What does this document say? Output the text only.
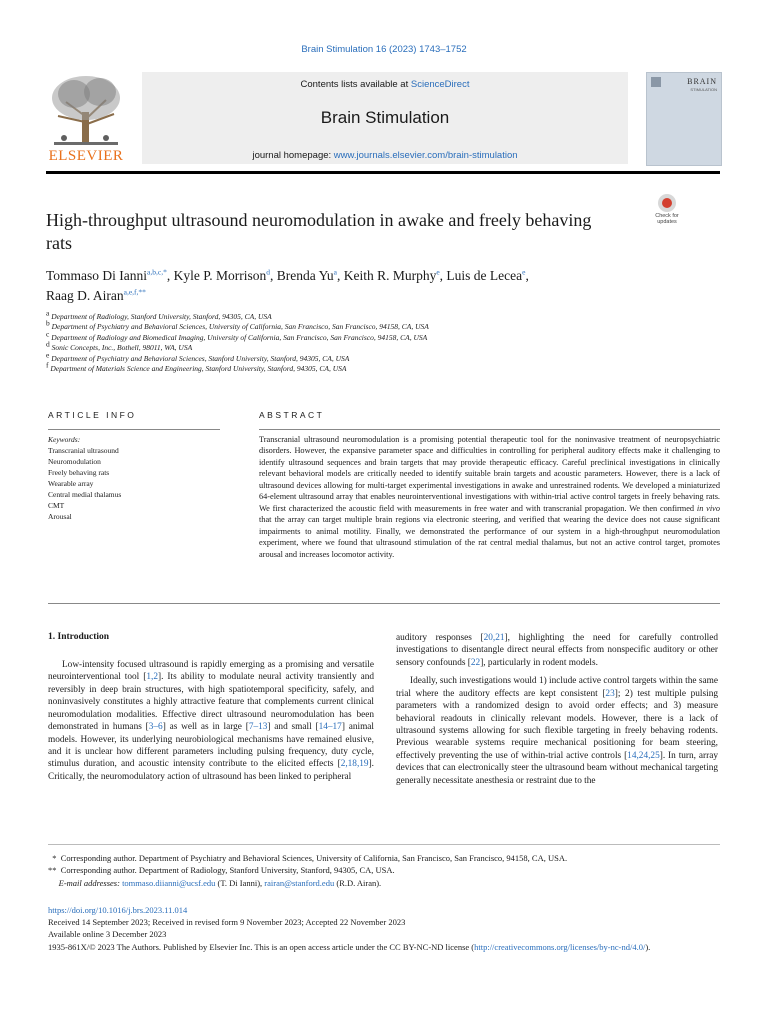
Brain Stimulation 16 (2023) 1743–1752
ELSEVIER
Contents lists available at ScienceDirect
Brain Stimulation
journal homepage: www.journals.elsevier.com/brain-stimulation
BRAIN
STIMULATION
High-throughput ultrasound neuromodulation in awake and freely behaving rats
Check for updates
Tommaso Di Ianni$^{a,b,c,*}$, Kyle P. Morrison$^d$, Brenda Yu$^a$, Keith R. Murphy$^e$, Luis de Lecea$^e$,
Raag D. Airan$^{a,e,f,**}$
$^a$ Department of Radiology, Stanford University, Stanford, 94305, CA, USA
$^b$ Department of Psychiatry and Behavioral Sciences, University of California, San Francisco, San Francisco, 94158, CA, USA
$^c$ Department of Radiology and Biomedical Imaging, University of California, San Francisco, San Francisco, 94158, CA, USA
$^d$ Sonic Concepts, Inc., Bothell, 98011, WA, USA
$^e$ Department of Psychiatry and Behavioral Sciences, Stanford University, Stanford, 94305, CA, USA
$^f$ Department of Materials Science and Engineering, Stanford University, Stanford, 94305, CA, USA
ARTICLE INFO	ABSTRACT
Keywords:
Transcranial ultrasound
Neuromodulation
Freely behaving rats
Wearable array
Central medial thalamus
CMT
Arousal
Transcranial ultrasound neuromodulation is a promising potential therapeutic tool for the noninvasive treatment of neuropsychiatric disorders. However, the expansive parameter space and difficulties in controlling for peripheral auditory effects make it challenging to identify ultrasound sequences and brain targets that may provide therapeutic efficacy. Careful preclinical investigations in clinically relevant behavioral models are critically needed to identify suitable brain targets and acoustic parameters. However, there is a lack of ultrasound devices allowing for multi-target experimental investigations in awake and unrestrained rodents. We developed a miniaturized 64-element ultrasound array that enables neurointerventional investigations with within-trial active control targets in freely behaving rats. We first characterized the acoustic field with measurements in free water and with transcranial propagation. We then confirmed in vivo that the array can target multiple brain regions via electronic steering, and verified that wearing the device does not cause significant impairments to animal motility. Finally, we demonstrated the performance of our system in a high-throughput neuromodulation experiment, where we found that ultrasound stimulation of the rat central medial thalamus, but not an active control target, promotes arousal and increases locomotor activity.
1. Introduction

Low-intensity focused ultrasound is rapidly emerging as a promising and versatile neurointerventional tool [1,2]. Its ability to modulate neural activity transiently and reversibly in deep brain structures, with high spatiotemporal specificity, safely, and noninvasively constitutes a highly attractive feature that complements current clinical neuromodulation modalities. Effective direct ultrasound neuromodulation has been demonstrated in humans [3–6] as well as in large [7–13] and small [14–17] animal models. However, its underlying neurobiological mechanisms have remained elusive, and it is unclear how different parameters including pulsing frequency, duty cycle, stimulus duration, and acoustic intensity contribute to the elicited effects [2,18,19]. Critically, the neuromodulatory action of ultrasound has been linked to peripheral

auditory responses [20,21], highlighting the need for carefully controlled investigations to disentangle direct neural effects from nonspecific auditory or other sensory confounds [22], particularly in rodent models.

Ideally, such investigations would 1) include active control targets within the same trial where the auditory effects are kept consistent [23]; 2) test multiple pulsing parameters with a randomized design to avoid order effects; and 3) measure behavioral readouts in clinically relevant models. However, there is a lack of ultrasound systems allowing for such flexible targeting in freely behaving rodents. Previous wearable systems require mechanical positioning for beam steering, effectively preventing the use of within-trial active controls [14,24,25]. In turn, array devices that can electronically steer the ultrasound beam without mechanical targeting generally necessitate anesthesia or restraint due to the

*  Corresponding author. Department of Psychiatry and Behavioral Sciences, University of California, San Francisco, San Francisco, 94158, CA, USA.
**  Corresponding author. Department of Radiology, Stanford University, Stanford, 94305, CA, USA.
E-mail addresses: tommaso.diianni@ucsf.edu (T. Di Ianni), rairan@stanford.edu (R.D. Airan).
https://doi.org/10.1016/j.brs.2023.11.014
Received 14 September 2023; Received in revised form 9 November 2023; Accepted 22 November 2023
Available online 3 December 2023
1935-861X/© 2023 The Authors. Published by Elsevier Inc. This is an open access article under the CC BY-NC-ND license (http://creativecommons.org/licenses/by-nc-nd/4.0/).
